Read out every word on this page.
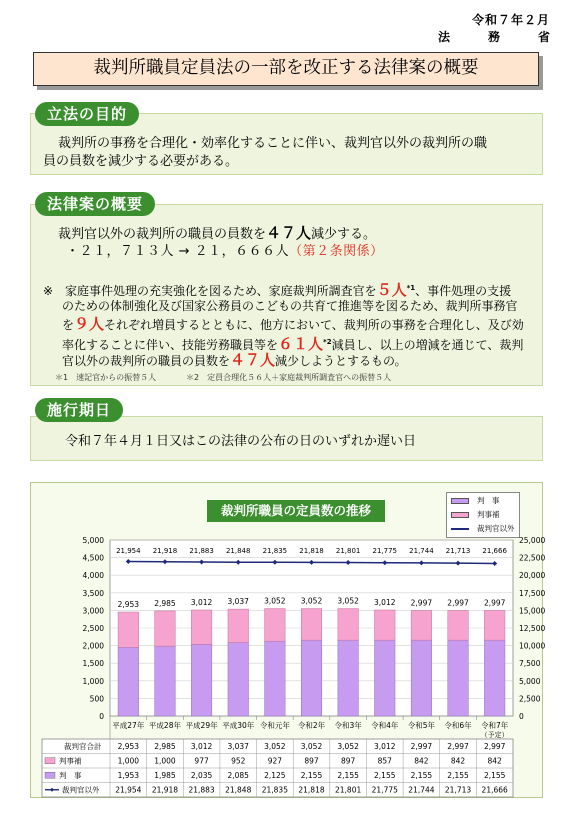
令和７年２月
法　務　省
裁判所職員定員法の一部を改正する法律案の概要
立法の目的
裁判所の事務を合理化・効率化することに伴い、裁判官以外の裁判所の職
員の員数を減少する必要がある。
法律案の概要
裁判官以外の裁判所の職員の員数を４７人減少する。
・２１，７１３人 → ２１，６６６人（第２条関係）
※　家庭事件処理の充実強化を図るため、家庭裁判所調査官を５人$^{*1}$、事件処理の支援
のための体制強化及び国家公務員のこどもの共育て推進等を図るため、裁判所事務官
を９人それぞれ増員するとともに、他方において、裁判所の事務を合理化し、及び効
率化することに伴い、技能労務職員等を６１人$^{*2}$減員し、以上の増減を通じて、裁判
官以外の裁判所の職員の員数を４７人減少しようとするもの。
＊1　速記官からの振替５人	＊2　定員合理化５６人＋家庭裁判所調査官への振替５人
施行期日
令和７年４月１日又はこの法律の公布の日のいずれか遅い日
裁判所職員の定員数の推移
判　事
判事補
裁判官以外
0
500
1,000
1,500
2,000
2,500
3,000
3,500
4,000
4,500
5,000
0
2,500
5,000
7,500
10,000
12,500
15,000
17,500
20,000
22,500
25,000
2,953
21,954
平成27年
2,985
21,918
平成28年
3,012
21,883
平成29年
3,037
21,848
平成30年
3,052
21,835
令和元年
3,052
21,818
令和2年
3,052
21,801
令和3年
3,012
21,775
令和4年
2,997
21,744
令和5年
2,997
21,713
令和6年
2,997
21,666
令和7年
（予定）
裁判官合計 2,953 2,985 3,012 3,037 3,052 3,052 3,052 3,012 2,997 2,997 2,997
判事補	1,000 1,000 977	952	927	897	897	857	842	842	842
判　事	1,953 1,985 2,035 2,085 2,125 2,155 2,155 2,155 2,155 2,155 2,155
裁判官以外 21,954 21,918 21,883 21,848 21,835 21,818 21,801 21,775 21,744 21,713 21,666
